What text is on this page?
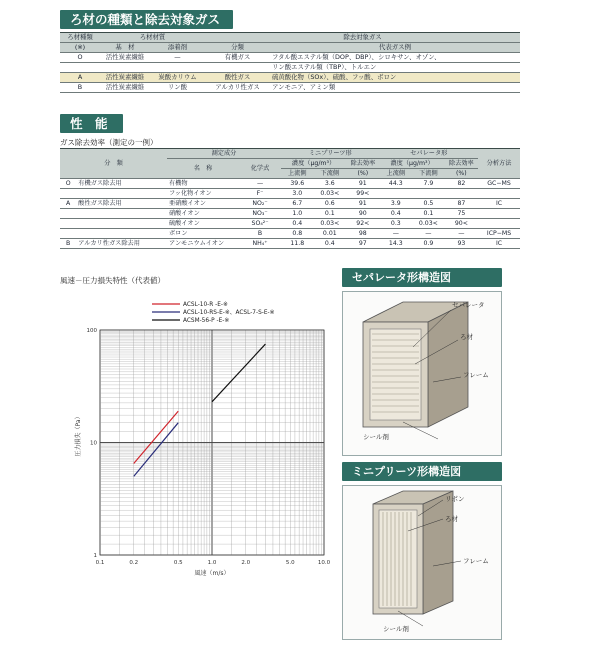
ろ材の種類と除去対象ガス
ろ材種類	ろ材材質		除去対象ガス	
(※)	基　材	添着剤	分類	代表ガス例
O	活性炭素繊維	—	有機ガス	フタル酸エステル類（DOP、DBP）、シロキサン、オゾン、
				リン酸エステル類（TBP）、トルエン
A	活性炭素繊維	炭酸カリウム	酸性ガス	硫黄酸化物（SOx）、硫酸、フッ酸、ボロン
B	活性炭素繊維	リン酸	アルカリ性ガス	アンモニア、アミン類
性　能
ガス除去効率（測定の一例）
分　類		測定成分		ミニプリーツ形			セパレータ形			分析方法
		名　称	化学式	濃度（μg/m³）		除去効率	濃度（μg/m³）		除去効率	
				上流側	下流側	(%)	上流側	下流側	(%)	
O	有機ガス除去用	有機物	—	39.6	3.6	91	44.3	7.9	82	GC−MS
		フッ化物イオン	F⁻	3.0	0.03<	99<				
A	酸性ガス除去用	亜硝酸イオン	NO₂⁻	6.7	0.6	91	3.9	0.5	87	IC
		硝酸イオン	NO₃⁻	1.0	0.1	90	0.4	0.1	75	
		硫酸イオン	SO₄²⁻	0.4	0.03<	92<	0.3	0.03<	90<	
		ボロン	B	0.8	0.01	98	—	—	—	ICP−MS
B	アルカリ性ガス除去用	アンモニウムイオン	NH₄⁺	11.8	0.4	97	14.3	0.9	93	IC
風速－圧力損失特性（代表値）
ACSL-10-R -E-※
ACSL-10-RS-E-※、ACSL-7-S-E-※
ACSM-56-P -E-※
0.1	0.2	0.5	1.0	2.0	5.0	10.0
1
10
100
圧力損失（Pa）
風速（m/s）
セパレータ形構造図
セパレータ
ろ材
フレーム
シール剤
ミニプリーツ形構造図
リボン
ろ材
フレーム
シール剤
